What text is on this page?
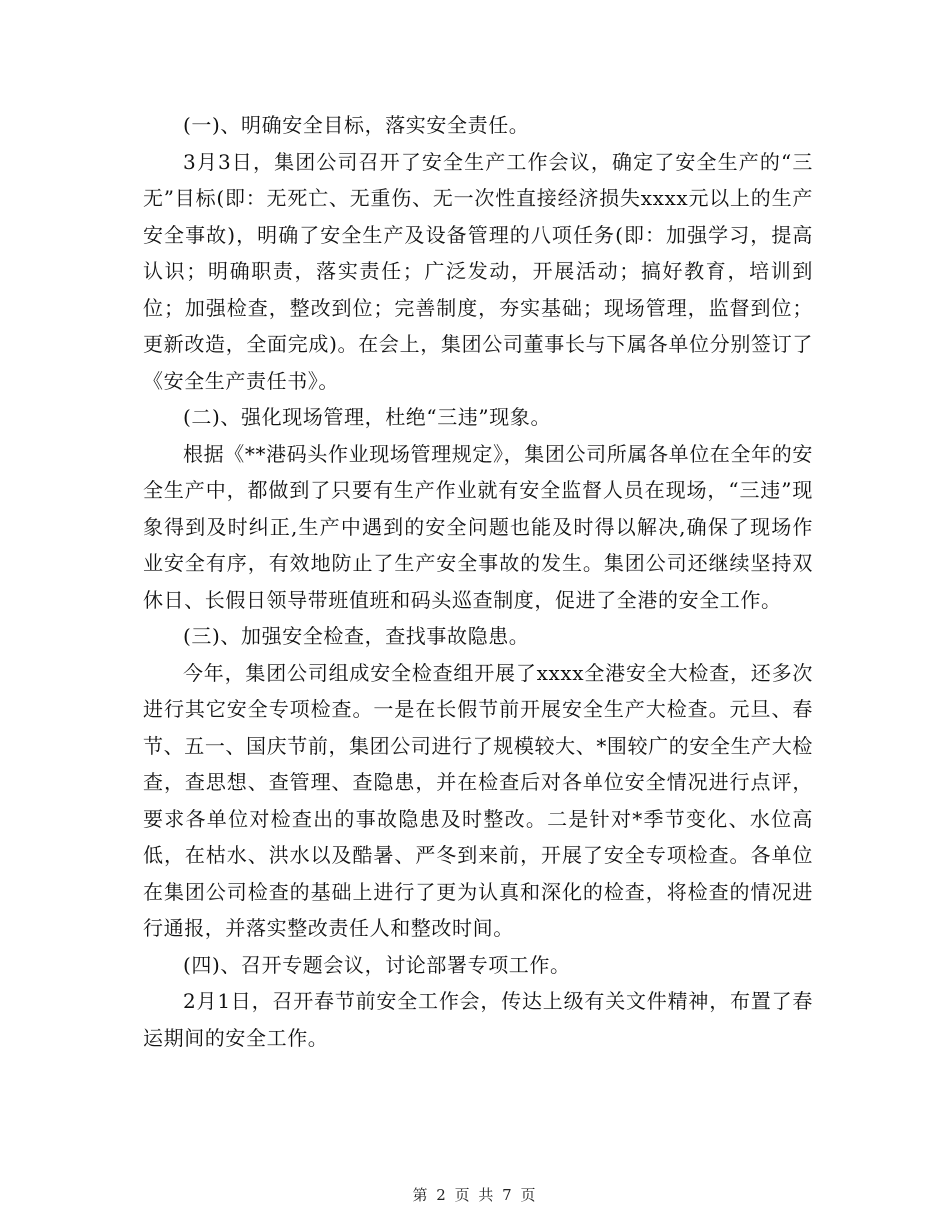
(一)、明确安全目标，落实安全责任。

3月3日，集团公司召开了安全生产工作会议，确定了安全生产的“三无”目标(即：无死亡、无重伤、无一次性直接经济损失xxxx元以上的生产安全事故)，明确了安全生产及设备管理的八项任务(即：加强学习，提高认识；明确职责，落实责任；广泛发动，开展活动；搞好教育，培训到位；加强检查，整改到位；完善制度，夯实基础；现场管理，监督到位；更新改造，全面完成)。在会上，集团公司董事长与下属各单位分别签订了《安全生产责任书》。

(二)、强化现场管理，杜绝“三违”现象。

根据《**港码头作业现场管理规定》，集团公司所属各单位在全年的安全生产中，都做到了只要有生产作业就有安全监督人员在现场，“三违”现象得到及时纠正,生产中遇到的安全问题也能及时得以解决,确保了现场作业安全有序，有效地防止了生产安全事故的发生。集团公司还继续坚持双休日、长假日领导带班值班和码头巡查制度，促进了全港的安全工作。

(三)、加强安全检查，查找事故隐患。

今年，集团公司组成安全检查组开展了xxxx全港安全大检查，还多次进行其它安全专项检查。一是在长假节前开展安全生产大检查。元旦、春节、五一、国庆节前，集团公司进行了规模较大、*围较广的安全生产大检查，查思想、查管理、查隐患，并在检查后对各单位安全情况进行点评，要求各单位对检查出的事故隐患及时整改。二是针对*季节变化、水位高低，在枯水、洪水以及酷暑、严冬到来前，开展了安全专项检查。各单位在集团公司检查的基础上进行了更为认真和深化的检查，将检查的情况进行通报，并落实整改责任人和整改时间。

(四)、召开专题会议，讨论部署专项工作。

2月1日，召开春节前安全工作会，传达上级有关文件精神，布置了春运期间的安全工作。

第 2 页 共 7 页
